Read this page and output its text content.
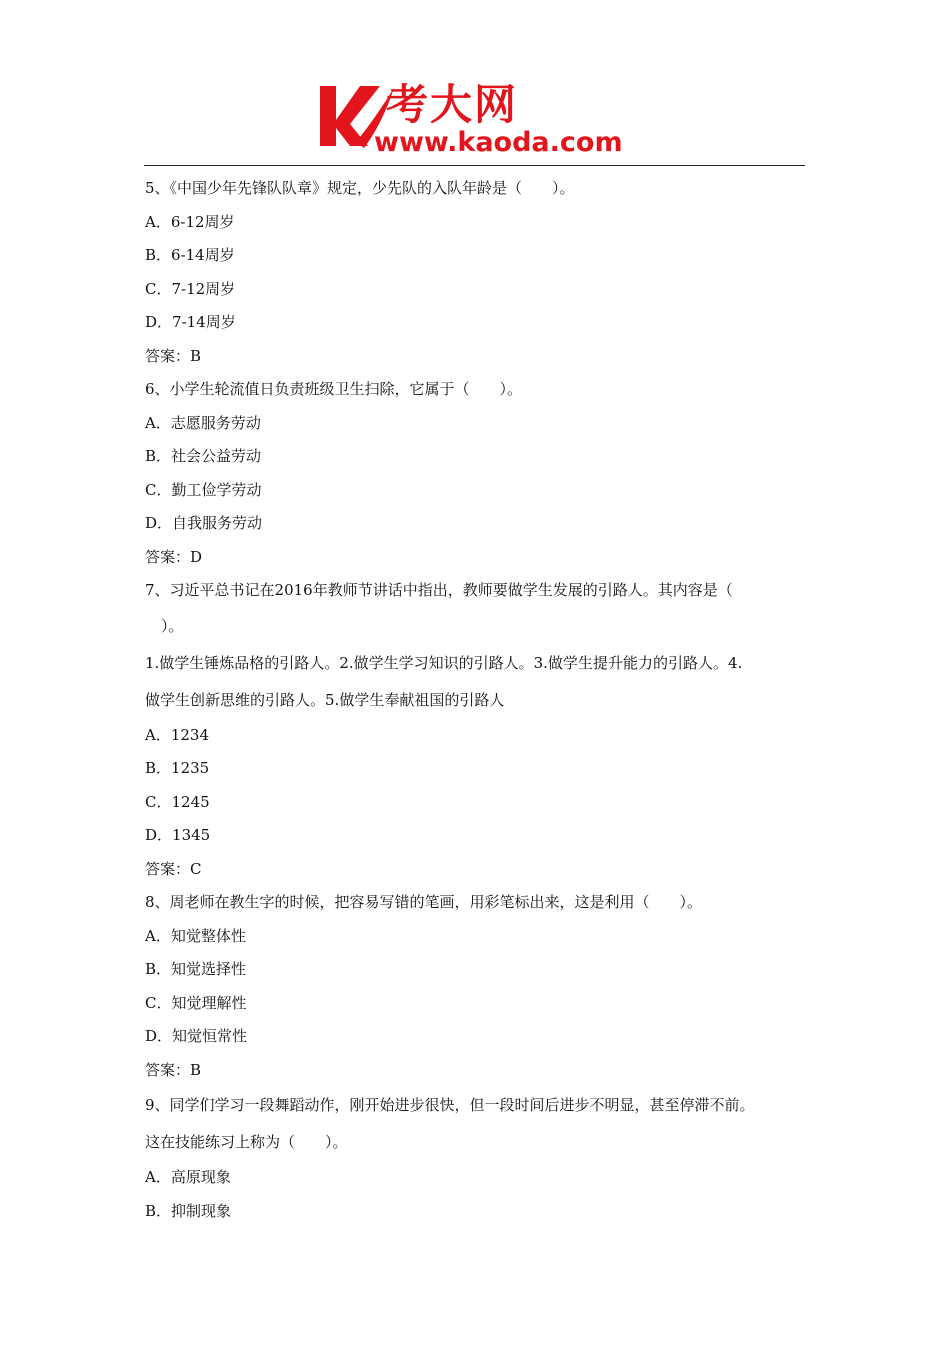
考大网
www.kaoda.com
5、《中国少年先锋队队章》规定，少先队的入队年龄是（　　）。
A．6-12周岁
B．6-14周岁
C．7-12周岁
D．7-14周岁
答案：B
6、小学生轮流值日负责班级卫生扫除，它属于（　　）。
A．志愿服务劳动
B．社会公益劳动
C．勤工俭学劳动
D．自我服务劳动
答案：D
7、习近平总书记在2016年教师节讲话中指出，教师要做学生发展的引路人。其内容是（
）。
1.做学生锤炼品格的引路人。2.做学生学习知识的引路人。3.做学生提升能力的引路人。4.
做学生创新思维的引路人。5.做学生奉献祖国的引路人
A．1234
B．1235
C．1245
D．1345
答案：C
8、周老师在教生字的时候，把容易写错的笔画，用彩笔标出来，这是利用（　　）。
A．知觉整体性
B．知觉选择性
C．知觉理解性
D．知觉恒常性
答案：B
9、同学们学习一段舞蹈动作，刚开始进步很快，但一段时间后进步不明显，甚至停滞不前。
这在技能练习上称为（　　）。
A．高原现象
B．抑制现象
